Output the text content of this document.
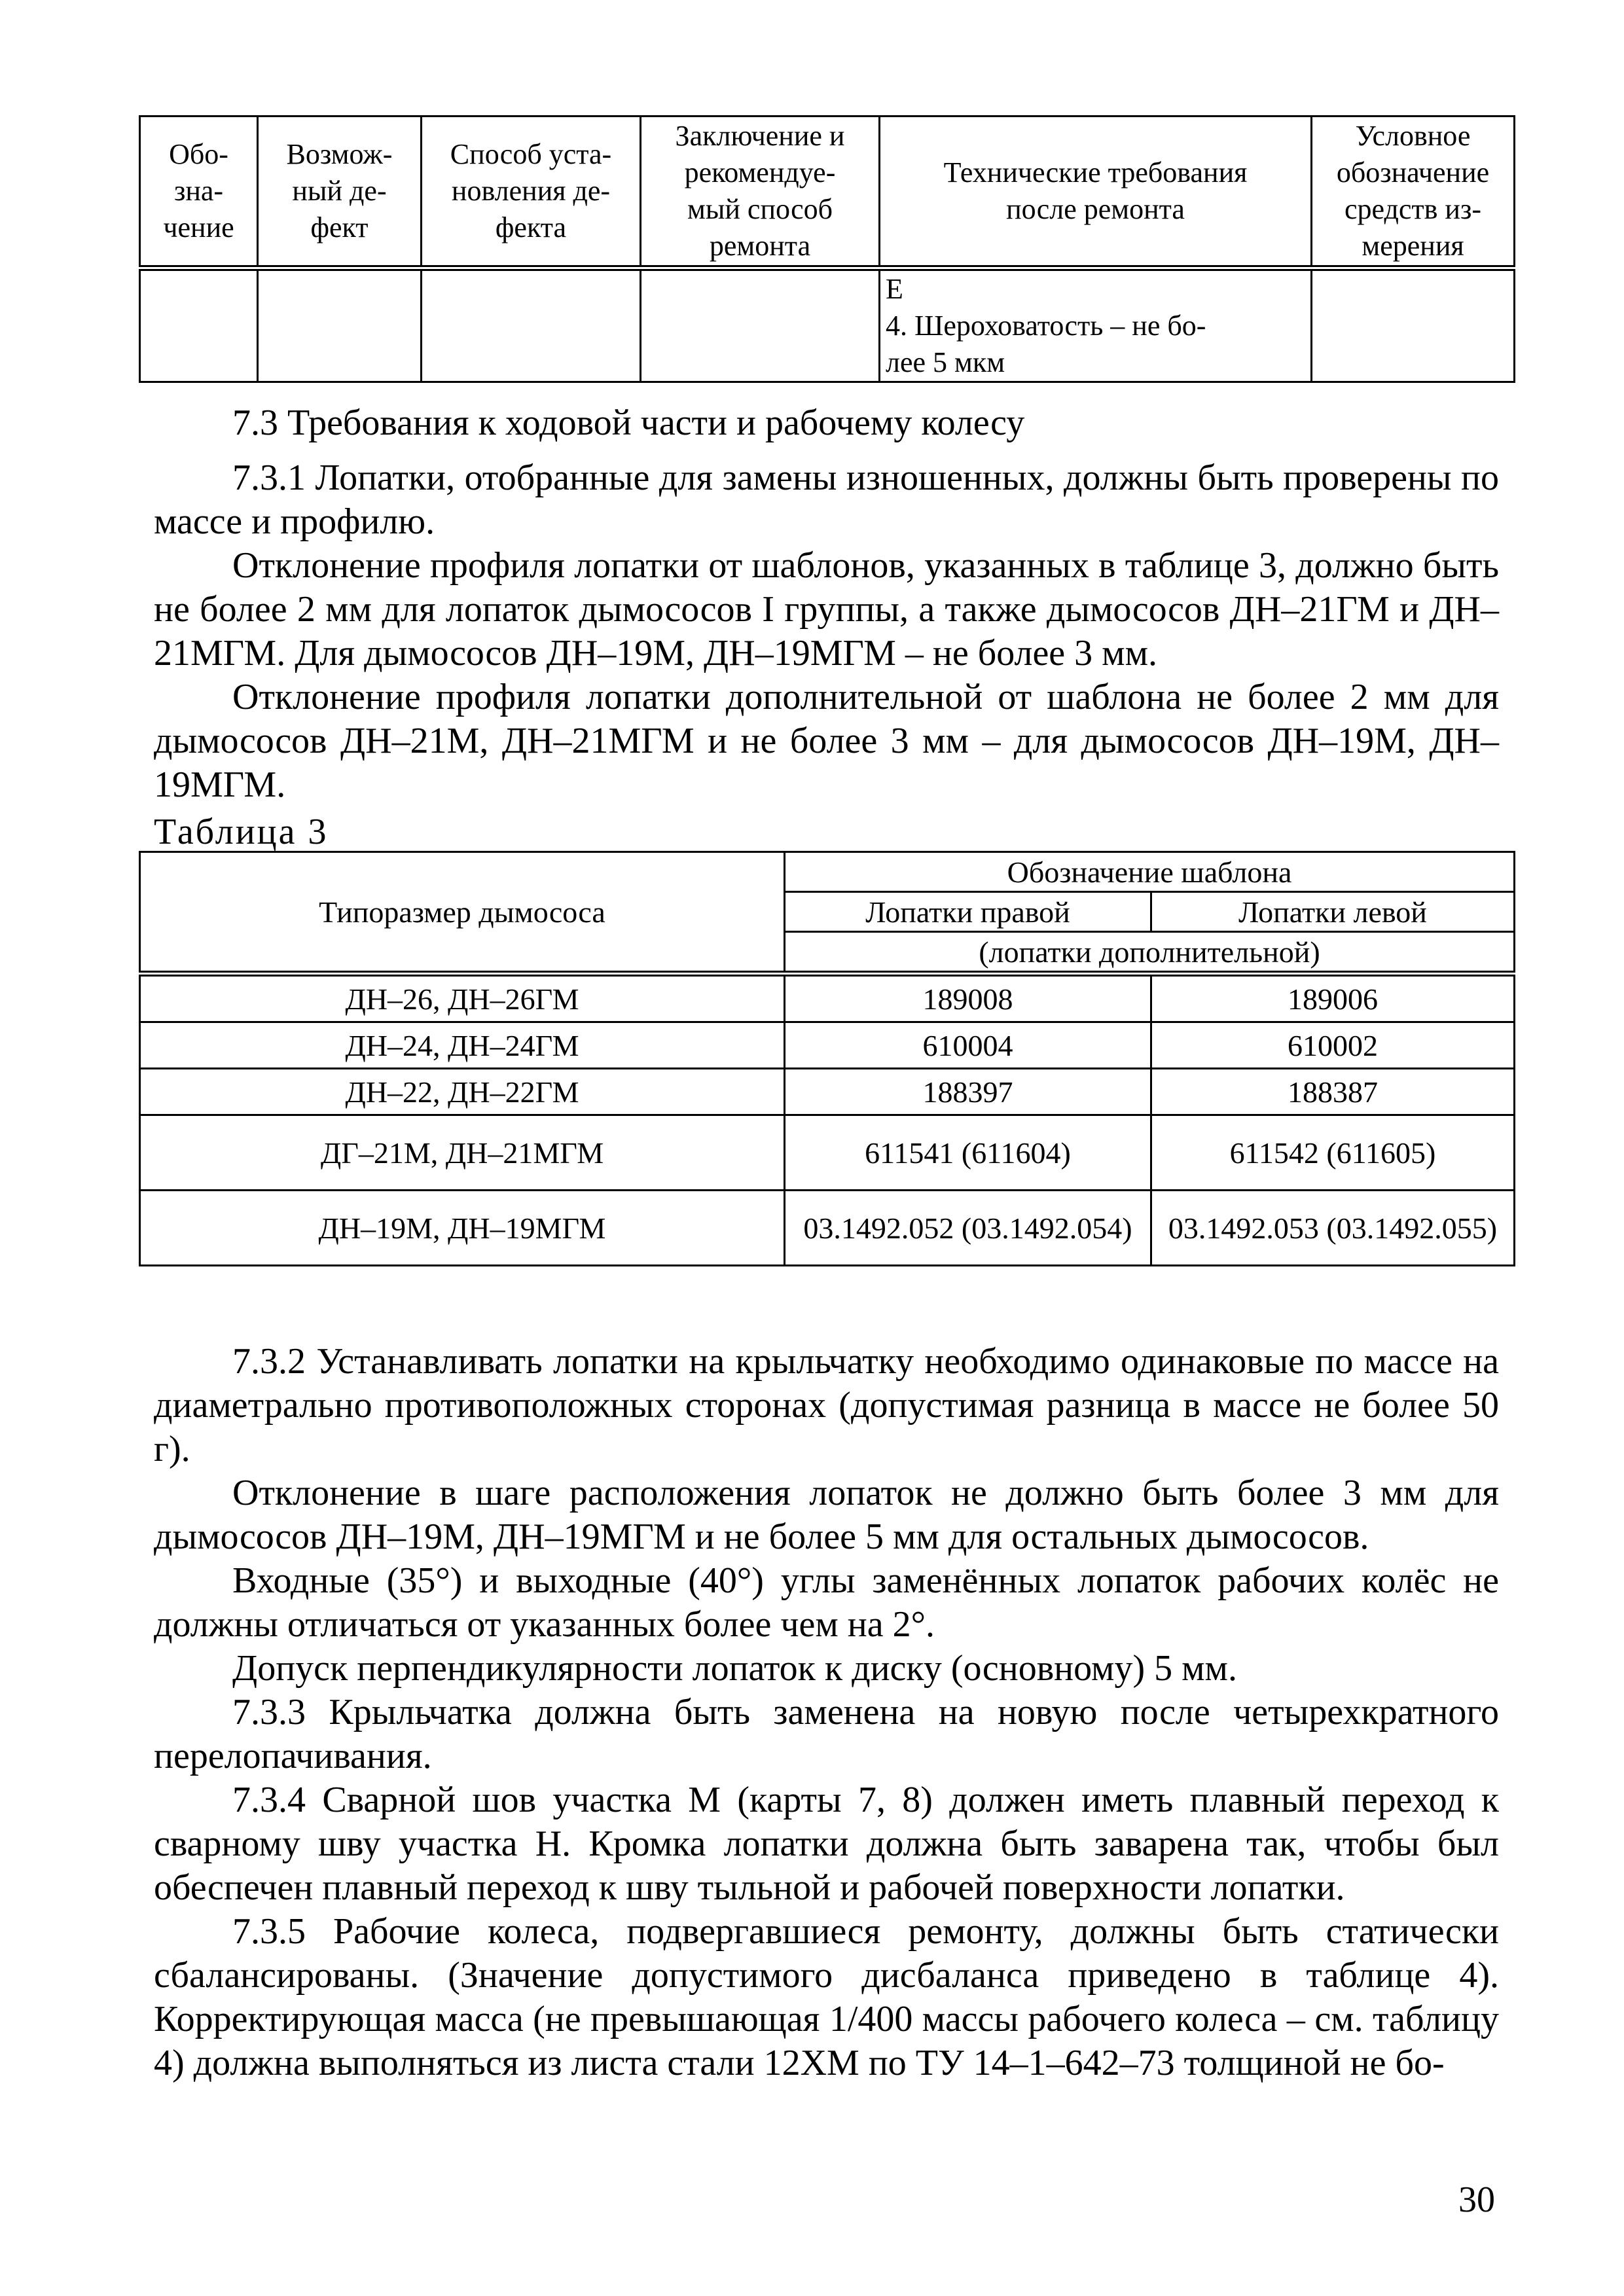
Обо-
зна-
чение	Возмож-
ный де-
фект	Способ уста-
новления де-
фекта	Заключение и
рекомендуе-
мый способ
ремонта	Технические требования
после ремонта	Условное
обозначение
средств из-
мерения

				Е
4. Шероховатость – не бо-
лее 5 мкм	

7.3 Требования к ходовой части и рабочему колесу
7.3.1 Лопатки, отобранные для замены изношенных, должны быть проверены по массе и профилю.
Отклонение профиля лопатки от шаблонов, указанных в таблице 3, должно быть не более 2 мм для лопаток дымососов I группы, а также дымососов ДН–21ГМ и ДН–21МГМ. Для дымососов ДН–19М, ДН–19МГМ – не более 3 мм.
Отклонение профиля лопатки дополнительной от шаблона не более 2 мм для дымососов ДН–21М, ДН–21МГМ и не более 3 мм – для дымососов ДН–19М, ДН–19МГМ.
Таблица 3
Типоразмер дымососа	Обозначение шаблона	
	Лопатки правой	Лопатки левой
	(лопатки дополнительной)	
ДН–26, ДН–26ГМ	189008	189006
ДН–24, ДН–24ГМ	610004	610002
ДН–22, ДН–22ГМ	188397	188387
ДГ–21М, ДН–21МГМ	611541 (611604)	611542 (611605)
ДН–19М, ДН–19МГМ	03.1492.052 (03.1492.054)	03.1492.053 (03.1492.055)
7.3.2 Устанавливать лопатки на крыльчатку необходимо одинаковые по массе на диаметрально противоположных сторонах (допустимая разница в массе не более 50 г).
Отклонение в шаге расположения лопаток не должно быть более 3 мм для дымососов ДН–19М, ДН–19МГМ и не более 5 мм для остальных дымососов.
Входные (35°) и выходные (40°) углы заменённых лопаток рабочих колёс не должны отличаться от указанных более чем на 2°.
Допуск перпендикулярности лопаток к диску (основному) 5 мм.
7.3.3 Крыльчатка должна быть заменена на новую после четырехкратного перелопачивания.
7.3.4 Сварной шов участка М (карты 7, 8) должен иметь плавный переход к сварному шву участка Н. Кромка лопатки должна быть заварена так, чтобы был обеспечен плавный переход к шву тыльной и рабочей поверхности лопатки.
7.3.5 Рабочие колеса, подвергавшиеся ремонту, должны быть статически сбалансированы. (Значение допустимого дисбаланса приведено в таблице 4). Корректирующая масса (не превышающая 1/400 массы рабочего колеса – см. таблицу 4) должна выполняться из листа стали 12ХМ по ТУ 14–1–642–73 толщиной не бо-
30
